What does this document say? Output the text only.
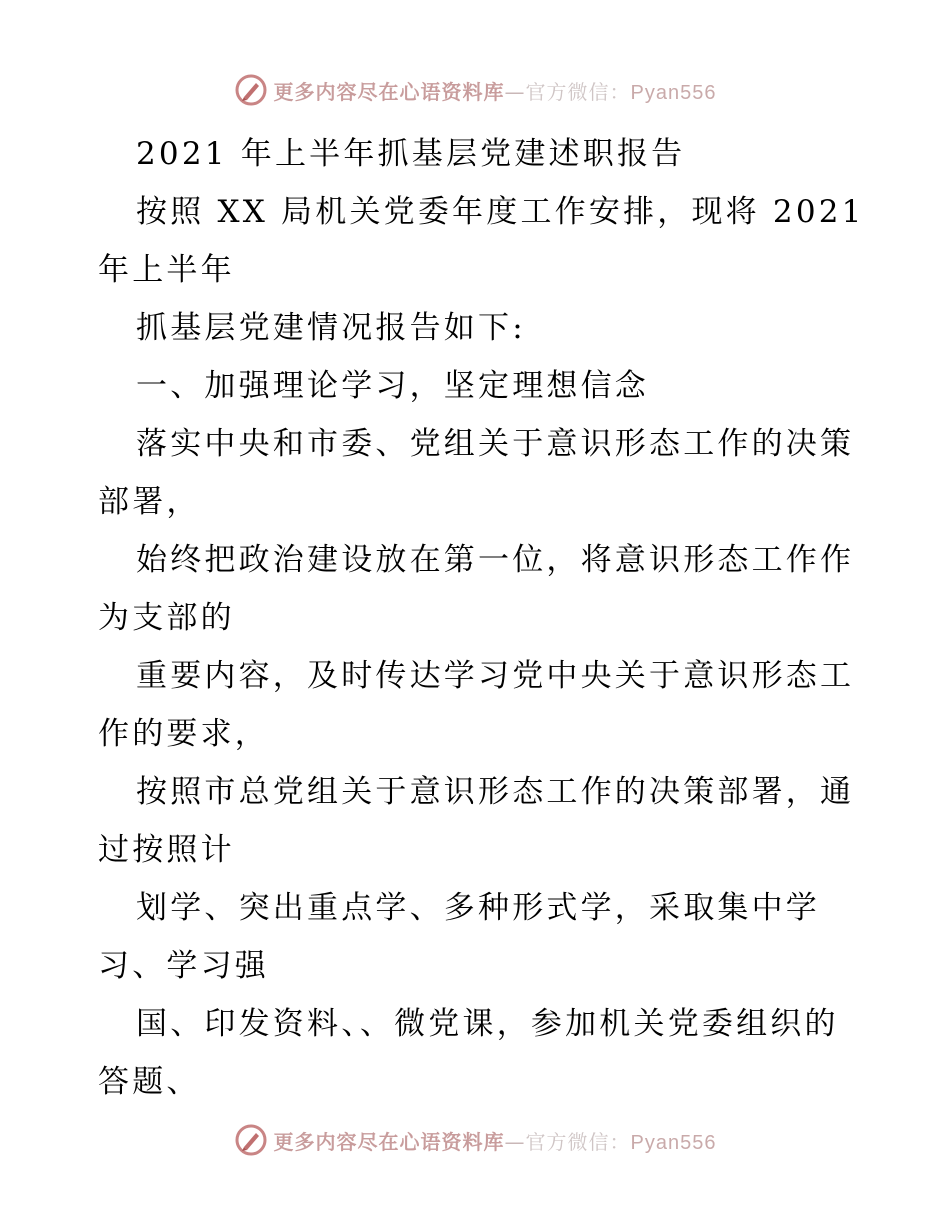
更多内容尽在心语资料库—官方微信：Pyan556
2021 年上半年抓基层党建述职报告
按照 XX 局机关党委年度工作安排，现将 2021
年上半年
抓基层党建情况报告如下:
一、加强理论学习，坚定理想信念
落实中央和市委、党组关于意识形态工作的决策
部署，
始终把政治建设放在第一位，将意识形态工作作
为支部的
重要内容，及时传达学习党中央关于意识形态工
作的要求，
按照市总党组关于意识形态工作的决策部署，通
过按照计
划学、突出重点学、多种形式学，采取集中学
习、学习强
国、印发资料、、微党课，参加机关党委组织的
答题、
更多内容尽在心语资料库—官方微信：Pyan556
